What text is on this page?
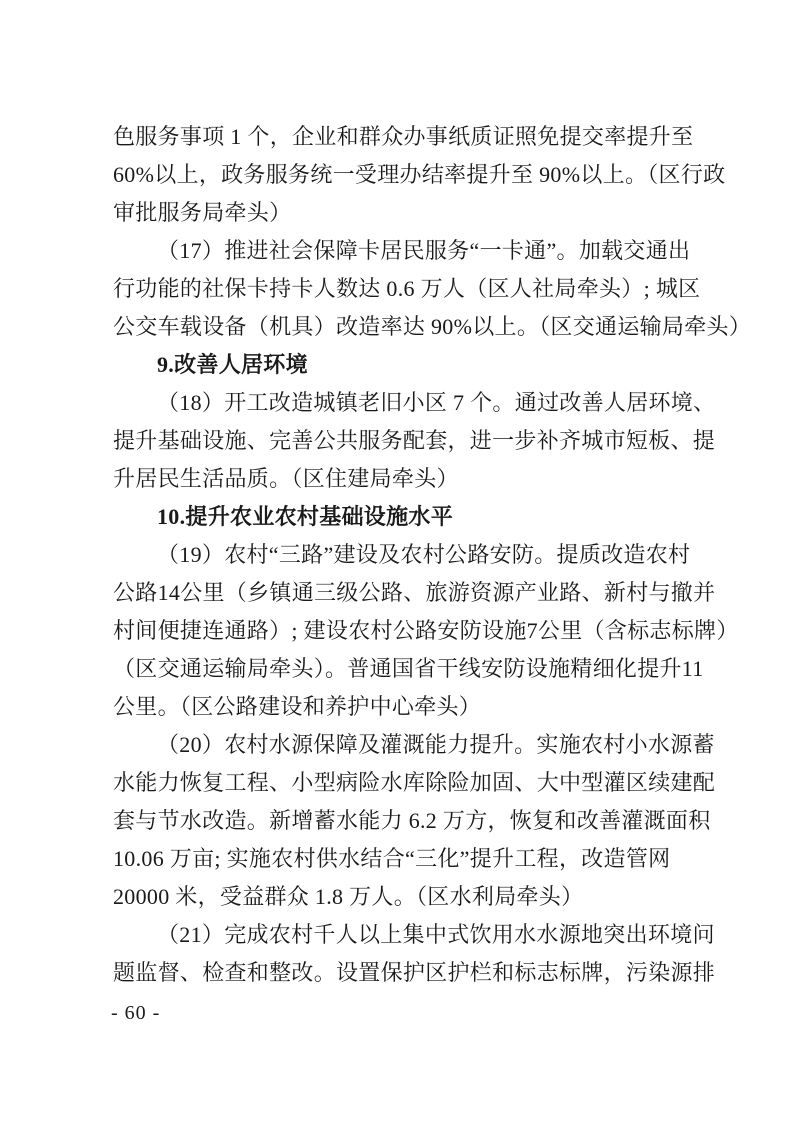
色服务事项 1 个，企业和群众办事纸质证照免提交率提升至
60%以上，政务服务统一受理办结率提升至 90%以上。（区行政
审批服务局牵头）
（17）推进社会保障卡居民服务“一卡通”。加载交通出
行功能的社保卡持卡人数达 0.6 万人（区人社局牵头）; 城区
公交车载设备（机具）改造率达 90%以上。（区交通运输局牵头）
9.改善人居环境
（18）开工改造城镇老旧小区 7 个。通过改善人居环境、
提升基础设施、完善公共服务配套，进一步补齐城市短板、提
升居民生活品质。（区住建局牵头）
10.提升农业农村基础设施水平
（19）农村“三路”建设及农村公路安防。提质改造农村
公路14公里（乡镇通三级公路、旅游资源产业路、新村与撤并
村间便捷连通路）; 建设农村公路安防设施7公里（含标志标牌）
（区交通运输局牵头）。普通国省干线安防设施精细化提升11
公里。（区公路建设和养护中心牵头）
（20）农村水源保障及灌溉能力提升。实施农村小水源蓄
水能力恢复工程、小型病险水库除险加固、大中型灌区续建配
套与节水改造。新增蓄水能力 6.2 万方，恢复和改善灌溉面积
10.06 万亩; 实施农村供水结合“三化”提升工程，改造管网
20000 米，受益群众 1.8 万人。（区水利局牵头）
（21）完成农村千人以上集中式饮用水水源地突出环境问
题监督、检查和整改。设置保护区护栏和标志标牌，污染源排
- 60 -
